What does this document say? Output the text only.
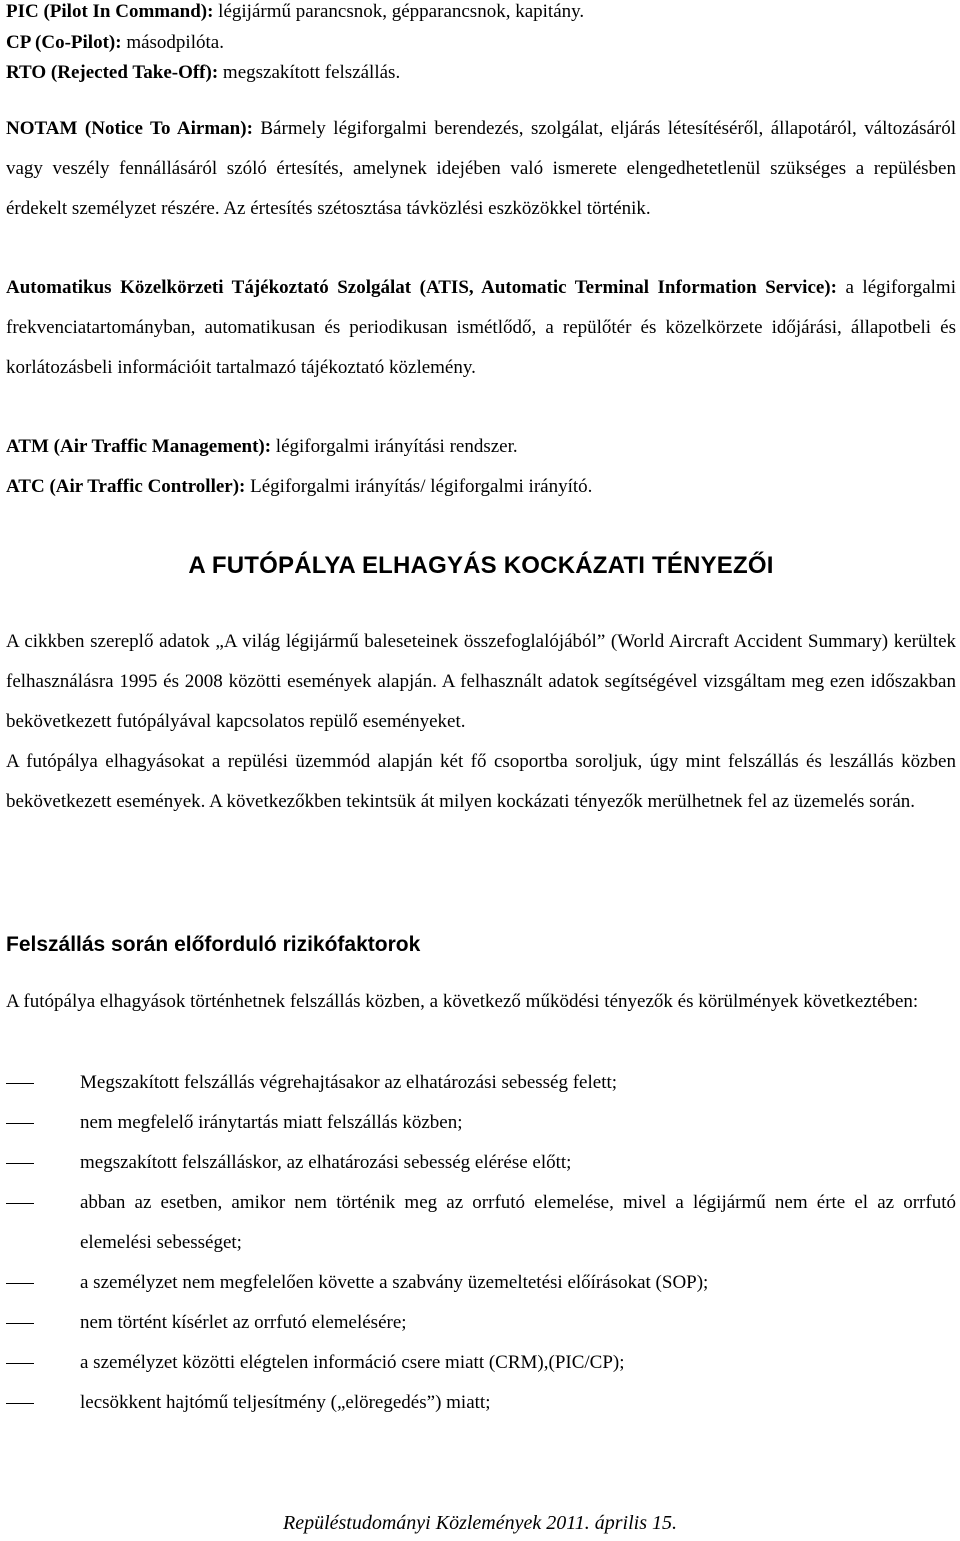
PIC (Pilot In Command): légijármű parancsnok, gépparancsnok, kapitány.

CP (Co-Pilot): másodpilóta.

RTO (Rejected Take-Off): megszakított felszállás.

NOTAM (Notice To Airman): Bármely légiforgalmi berendezés, szolgálat, eljárás létesítéséről, állapotáról, változásáról vagy veszély fennállásáról szóló értesítés, amelynek idejében való ismerete elengedhetetlenül szükséges a repülésben érdekelt személyzet részére. Az értesítés szétosztása távközlési eszközökkel történik.

Automatikus Közelkörzeti Tájékoztató Szolgálat (ATIS, Automatic Terminal Information Service): a légiforgalmi frekvenciatartományban, automatikusan és periodikusan ismétlődő, a repülőtér és közelkörzete időjárási, állapotbeli és korlátozásbeli információit tartalmazó tájékoztató közlemény.

ATM (Air Traffic Management): légiforgalmi irányítási rendszer.

ATC (Air Traffic Controller): Légiforgalmi irányítás/ légiforgalmi irányító.

A FUTÓPÁLYA ELHAGYÁS KOCKÁZATI TÉNYEZŐI

A cikkben szereplő adatok „A világ légijármű baleseteinek összefoglalójából” (World Aircraft Accident Summary) kerültek felhasználásra 1995 és 2008 közötti események alapján. A felhasznált adatok segítségével vizsgáltam meg ezen időszakban bekövetkezett futópályával kapcsolatos repülő eseményeket.

A futópálya elhagyásokat a repülési üzemmód alapján két fő csoportba soroljuk, úgy mint felszállás és leszállás közben bekövetkezett események. A következőkben tekintsük át milyen kockázati tényezők merülhetnek fel az üzemelés során.

Felszállás során előforduló rizikófaktorok

A futópálya elhagyások történhetnek felszállás közben, a következő működési tényezők és körülmények következtében:

Megszakított felszállás végrehajtásakor az elhatározási sebesség felett;
nem megfelelő iránytartás miatt felszállás közben;
megszakított felszálláskor, az elhatározási sebesség elérése előtt;
abban az esetben, amikor nem történik meg az orrfutó elemelése, mivel a légijármű nem érte el az orrfutó elemelési sebességet;
a személyzet nem megfelelően követte a szabvány üzemeltetési előírásokat (SOP);
nem történt kísérlet az orrfutó elemelésére;
a személyzet közötti elégtelen információ csere miatt (CRM),(PIC/CP);
lecsökkent hajtómű teljesítmény („elöregedés”) miatt;
Repüléstudományi Közlemények 2011. április 15.
